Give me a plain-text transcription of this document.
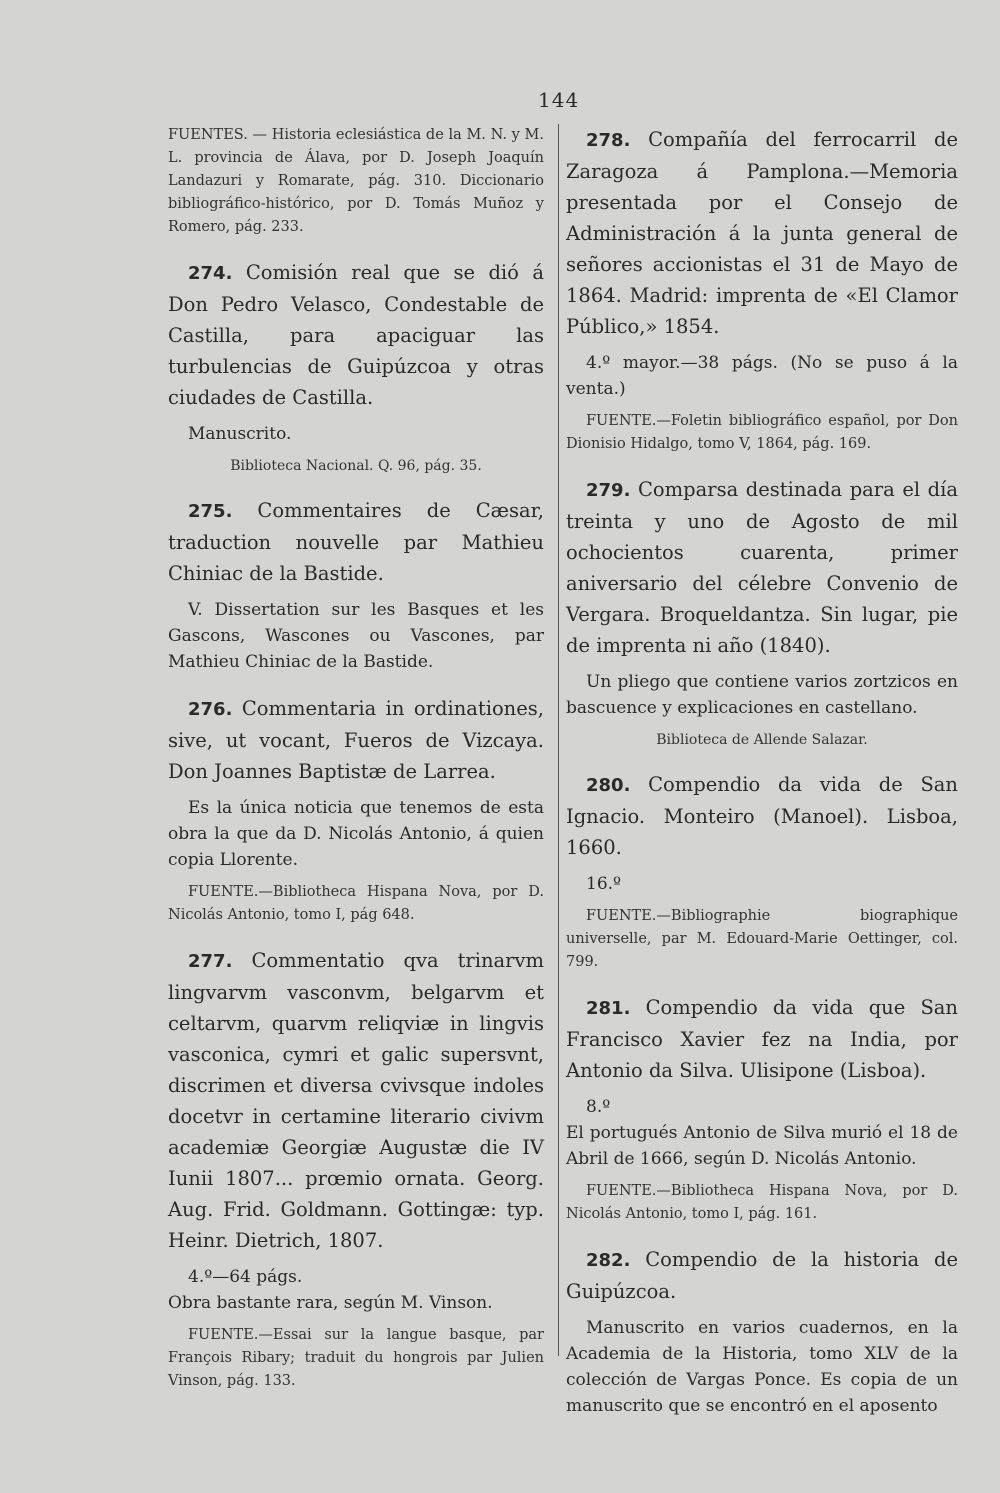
144

FUENTES. — Historia eclesiástica de la M. N. y M. L. provincia de Álava, por D. Joseph Joaquín Landazuri y Romarate, pág. 310. Diccionario bibliográfico-histórico, por D. Tomás Muñoz y Romero, pág. 233.

274. Comisión real que se dió á Don Pedro Velasco, Condestable de Castilla, para apaciguar las turbulencias de Guipúzcoa y otras ciudades de Castilla.

Manuscrito.

Biblioteca Nacional. Q. 96, pág. 35.

275. Commentaires de Cæsar, traduction nouvelle par Mathieu Chiniac de la Bastide.

V. Dissertation sur les Basques et les Gascons, Wascones ou Vascones, par Mathieu Chiniac de la Bastide.

276. Commentaria in ordinationes, sive, ut vocant, Fueros de Vizcaya. Don Joannes Baptistæ de Larrea.

Es la única noticia que tenemos de esta obra la que da D. Nicolás Antonio, á quien copia Llorente.

FUENTE.—Bibliotheca Hispana Nova, por D. Nicolás Antonio, tomo I, pág 648.

277. Commentatio qva trinarvm lingvarvm vasconvm, belgarvm et celtarvm, quarvm reliqviæ in lingvis vasconica, cymri et galic supersvnt, discrimen et diversa cvivsque indoles docetvr in certamine literario civivm academiæ Georgiæ Augustæ die IV Iunii 1807... prœmio ornata. Georg. Aug. Frid. Goldmann. Gottingæ: typ. Heinr. Dietrich, 1807.

4.º—64 págs.

Obra bastante rara, según M. Vinson.

FUENTE.—Essai sur la langue basque, par François Ribary; traduit du hongrois par Julien Vinson, pág. 133.

278. Compañía del ferrocarril de Zaragoza á Pamplona.—Memoria presentada por el Consejo de Administración á la junta general de señores accionistas el 31 de Mayo de 1864. Madrid: imprenta de «El Clamor Público,» 1854.

4.º mayor.—38 págs. (No se puso á la venta.)

FUENTE.—Foletin bibliográfico español, por Don Dionisio Hidalgo, tomo V, 1864, pág. 169.

279. Comparsa destinada para el día treinta y uno de Agosto de mil ochocientos cuarenta, primer aniversario del célebre Convenio de Vergara. Broqueldantza. Sin lugar, pie de imprenta ni año (1840).

Un pliego que contiene varios zortzicos en bascuence y explicaciones en castellano.

Biblioteca de Allende Salazar.

280. Compendio da vida de San Ignacio. Monteiro (Manoel). Lisboa, 1660.

16.º

FUENTE.—Bibliographie biographique universelle, par M. Edouard-Marie Oettinger, col. 799.

281. Compendio da vida que San Francisco Xavier fez na India, por Antonio da Silva. Ulisipone (Lisboa).

8.º

El portugués Antonio de Silva murió el 18 de Abril de 1666, según D. Nicolás Antonio.

FUENTE.—Bibliotheca Hispana Nova, por D. Nicolás Antonio, tomo I, pág. 161.

282. Compendio de la historia de Guipúzcoa.

Manuscrito en varios cuadernos, en la Academia de la Historia, tomo XLV de la colección de Vargas Ponce. Es copia de un manuscrito que se encontró en el aposento
